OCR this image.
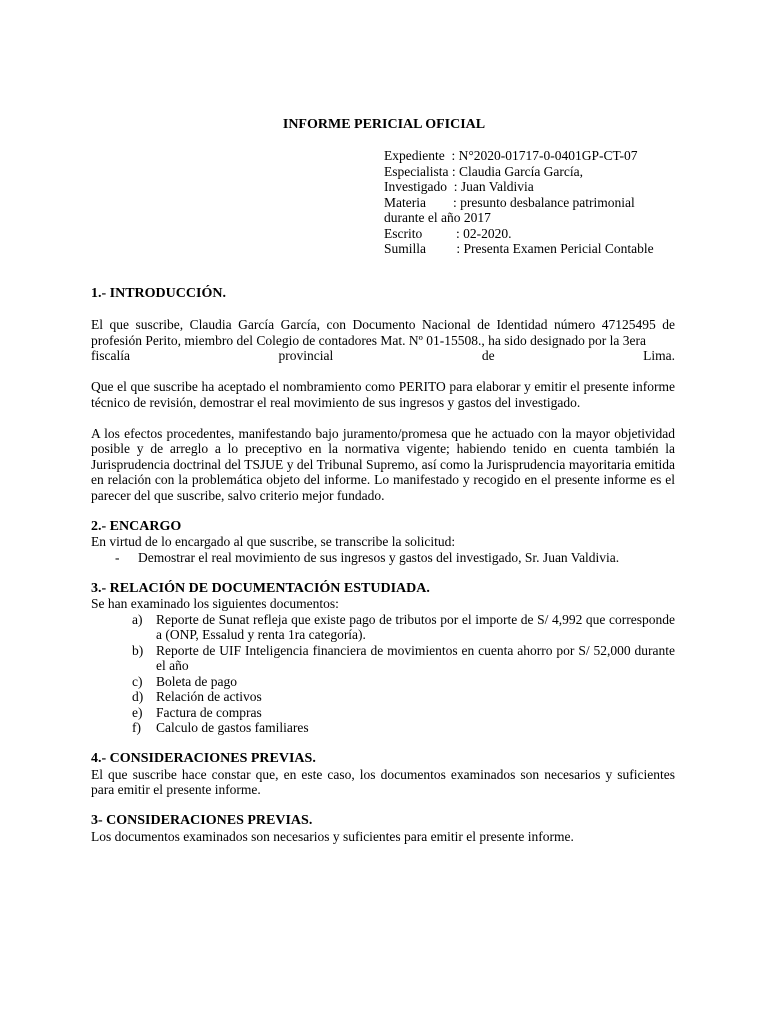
INFORME PERICIAL OFICIAL
Expediente  : N°2020-01717-0-0401GP-CT-07
Especialista : Claudia García García,
Investigado  : Juan Valdivia
Materia        : presunto desbalance patrimonial
durante el año 2017
Escrito          : 02-2020.
Sumilla         : Presenta Examen Pericial Contable
1.- INTRODUCCIÓN.

El que suscribe, Claudia García García, con Documento Nacional de Identidad número 47125495 de profesión Perito, miembro del Colegio de contadores Mat. Nº 01-15508., ha sido designado por la 3era

fiscalía provincial de Lima.

Que el que suscribe ha aceptado el nombramiento como PERITO para elaborar y emitir el presente informe técnico de revisión, demostrar el real movimiento de sus ingresos y gastos del investigado.

A los efectos procedentes, manifestando bajo juramento/promesa que he actuado con la mayor objetividad posible y de arreglo a lo preceptivo en la normativa vigente; habiendo tenido en cuenta también la Jurisprudencia doctrinal del TSJUE y del Tribunal Supremo, así como la Jurisprudencia mayoritaria emitida en relación con la problemática objeto del informe. Lo manifestado y recogido en el presente informe es el parecer del que suscribe, salvo criterio mejor fundado.

2.- ENCARGO

En virtud de lo encargado al que suscribe, se transcribe la solicitud:

-	Demostrar el real movimiento de sus ingresos y gastos del investigado, Sr. Juan Valdivia.
3.- RELACIÓN DE DOCUMENTACIÓN ESTUDIADA.

Se han examinado los siguientes documentos:

a) Reporte de Sunat refleja que existe pago de tributos por el importe de S/ 4,992 que corresponde a (ONP, Essalud y renta 1ra categoría).
b) Reporte de UIF Inteligencia financiera de movimientos en cuenta ahorro por S/ 52,000 durante el año
c) Boleta de pago
d) Relación de activos
e) Factura de compras
f) Calculo de gastos familiares
4.- CONSIDERACIONES PREVIAS.

El que suscribe hace constar que, en este caso, los documentos examinados son necesarios y suficientes para emitir el presente informe.

3- CONSIDERACIONES PREVIAS.

Los documentos examinados son necesarios y suficientes para emitir el presente informe.
